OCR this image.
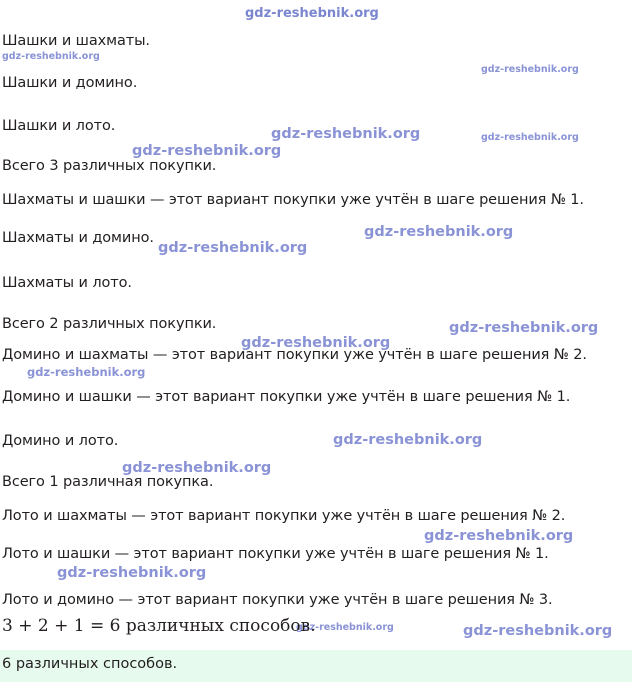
gdz-reshebnik.org
gdz-reshebnik.org
gdz-reshebnik.org
gdz-reshebnik.org	gdz-reshebnik.org
gdz-reshebnik.org
gdz-reshebnik.org
gdz-reshebnik.org
gdz-reshebnik.org
gdz-reshebnik.org
gdz-reshebnik.org
gdz-reshebnik.org
gdz-reshebnik.org
gdz-reshebnik.org
gdz-reshebnik.org
gdz-reshebnik.org	gdz-reshebnik.org
Шашки и шахматы.
Шашки и домино.
Шашки и лото.
Всего 3 различных покупки.
Шахматы и шашки — этот вариант покупки уже учтён в шаге решения № 1.
Шахматы и домино.
Шахматы и лото.
Всего 2 различных покупки.
Домино и шахматы — этот вариант покупки уже учтён в шаге решения № 2.
Домино и шашки — этот вариант покупки уже учтён в шаге решения № 1.
Домино и лото.
Всего 1 различная покупка.
Лото и шахматы — этот вариант покупки уже учтён в шаге решения № 2.
Лото и шашки — этот вариант покупки уже учтён в шаге решения № 1.
Лото и домино — этот вариант покупки уже учтён в шаге решения № 3.
3 + 2 + 1 = 6 различных способов.
6 различных способов.
